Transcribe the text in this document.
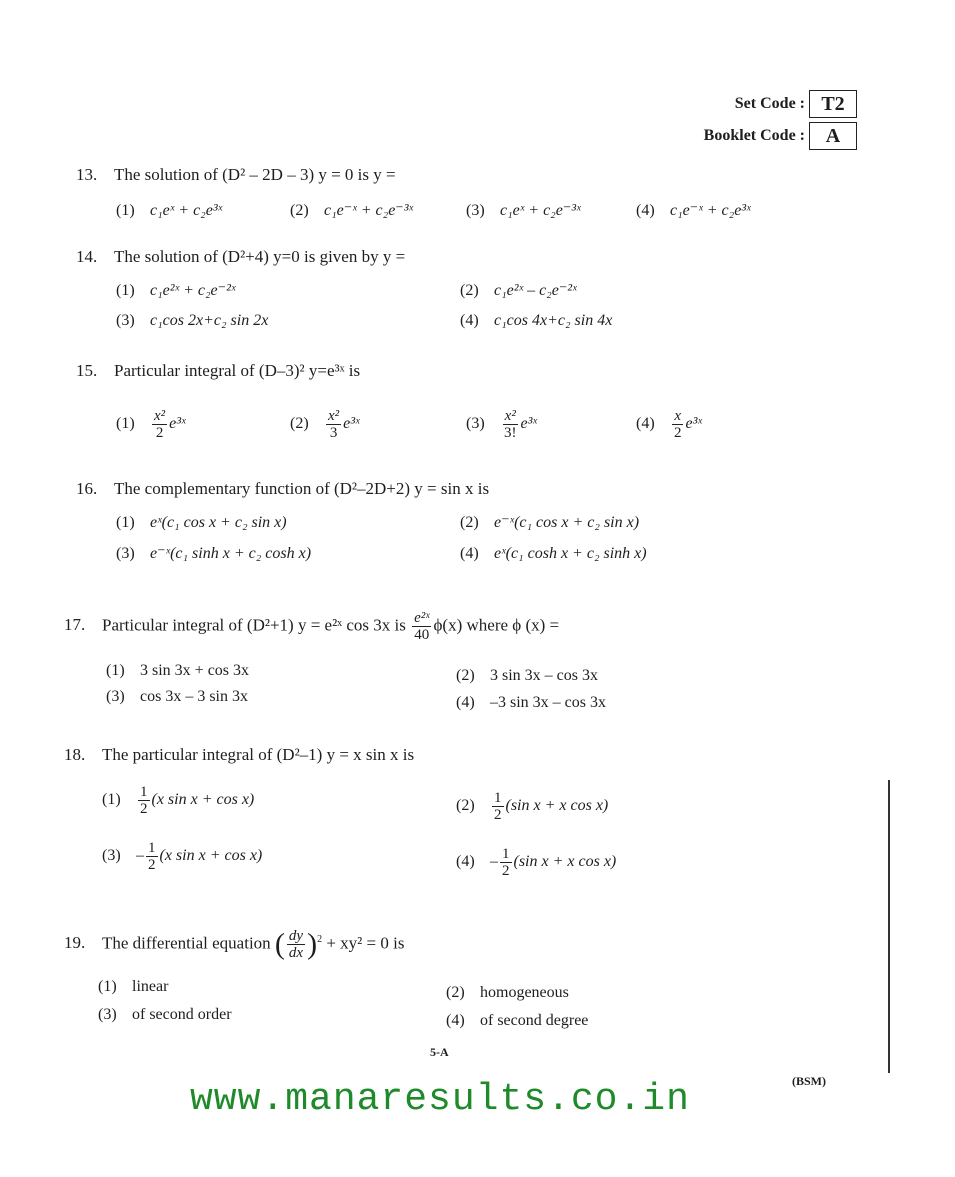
Set Code : T2
Booklet Code :	A
13. The solution of (D² – 2D – 3) y = 0 is y =
(1) c₁eˣ + c₂e³ˣ	(2) c₁e⁻ˣ + c₂e⁻³ˣ	(3) c₁eˣ + c₂e⁻³ˣ	(4) c₁e⁻ˣ + c₂e³ˣ
14. The solution of (D²+4) y=0 is given by y =
(1) c₁e²ˣ + c₂e⁻²ˣ	(2) c₁e²ˣ – c₂e⁻²ˣ
(3) c₁cos 2x+c₂ sin 2x	(4) c₁cos 4x+c₂ sin 4x
15. Particular integral of (D–3)² y=e³ˣ is
$(1) \frac{\text{x²}}{2}$ e³ˣ	$(2) \frac{\text{x²}}{3}$ e³ˣ	$(3) \frac{\text{x²}}{3!}$ e³ˣ	$(4) \frac{x}{2}$ e³ˣ
16. The complementary function of (D²–2D+2) y = sin x is
(1) eˣ(c₁ cos x + c₂ sin x)	(2) e⁻ˣ(c₁ cos x + c₂ sin x)
(3) e⁻ˣ(c₁ sinh x + c₂ cosh x)	(4) eˣ(c₁ cosh x + c₂ sinh x)
17. Particular integral of (D²+1) y = e²ˣ cos 3x is $\frac{\text{e²ˣ}}{40} \phi(x)$ where ϕ (x) =
(1) 3 sin 3x + cos 3x	(2) 3 sin 3x – cos 3x
(3) cos 3x – 3 sin 3x	(4) –3 sin 3x – cos 3x
18. The particular integral of (D²–1) y = x sin x is
$(1) \frac{1}{2} (x$ sin x + cos x)	$(2) \frac{1}{2} (\sin$ x + x cos x)
$(3) - \frac{1}{2} (x$ sin x + cos x)	$(4) - \frac{1}{2} (\sin$ x + x cos x)
19. The differential equation ( $\frac{dy}{dx} )^2 + xy^2 = 0$ is
(1) linear	(2) homogeneous
(3) of second order	(4) of second degree
5-A
(BSM)
www.manaresults.co.in
